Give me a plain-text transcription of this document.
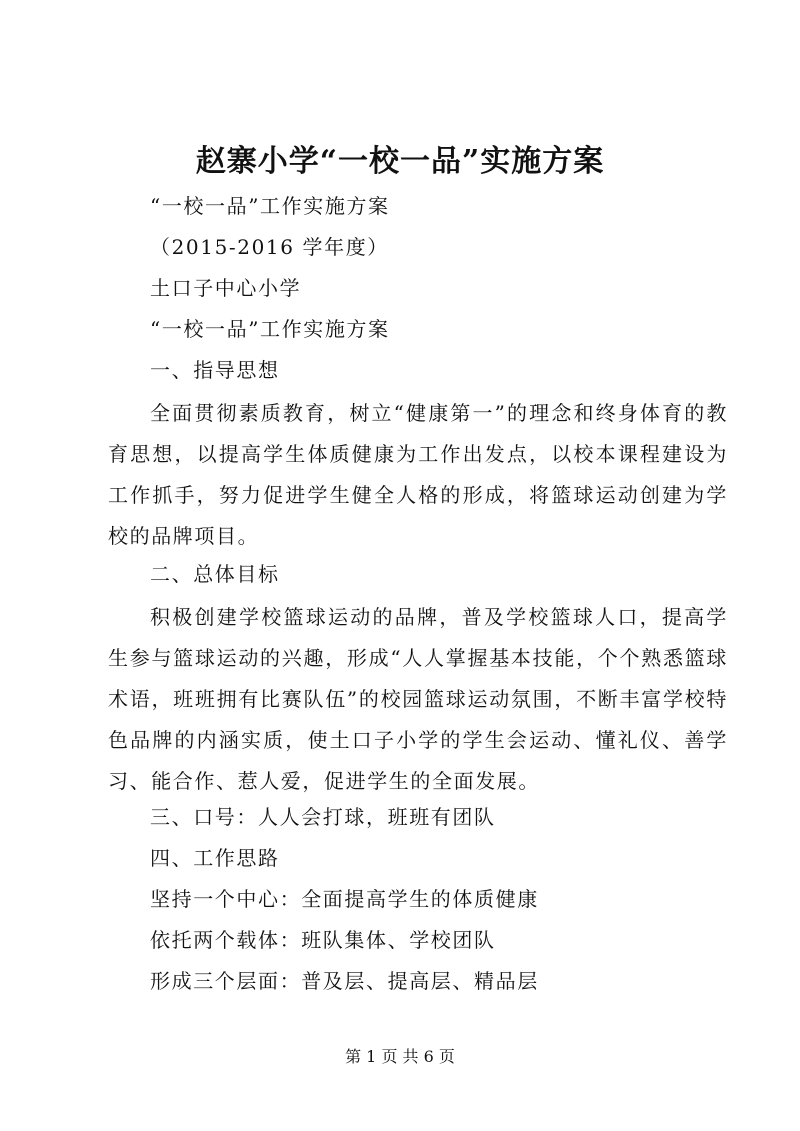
赵寨小学“一校一品”实施方案
“一校一品”工作实施方案
（2015-2016 学年度）
土口子中心小学
“一校一品”工作实施方案
一、指导思想
全面贯彻素质教育，树立“健康第一”的理念和终身体育的教育思想，以提高学生体质健康为工作出发点，以校本课程建设为工作抓手，努力促进学生健全人格的形成，将篮球运动创建为学校的品牌项目。
二、总体目标
积极创建学校篮球运动的品牌，普及学校篮球人口，提高学生参与篮球运动的兴趣，形成“人人掌握基本技能，个个熟悉篮球术语，班班拥有比赛队伍”的校园篮球运动氛围，不断丰富学校特色品牌的内涵实质，使土口子小学的学生会运动、懂礼仪、善学习、能合作、惹人爱，促进学生的全面发展。
三、口号：人人会打球，班班有团队
四、工作思路
坚持一个中心：全面提高学生的体质健康
依托两个载体：班队集体、学校团队
形成三个层面：普及层、提高层、精品层
第 1 页 共 6 页
